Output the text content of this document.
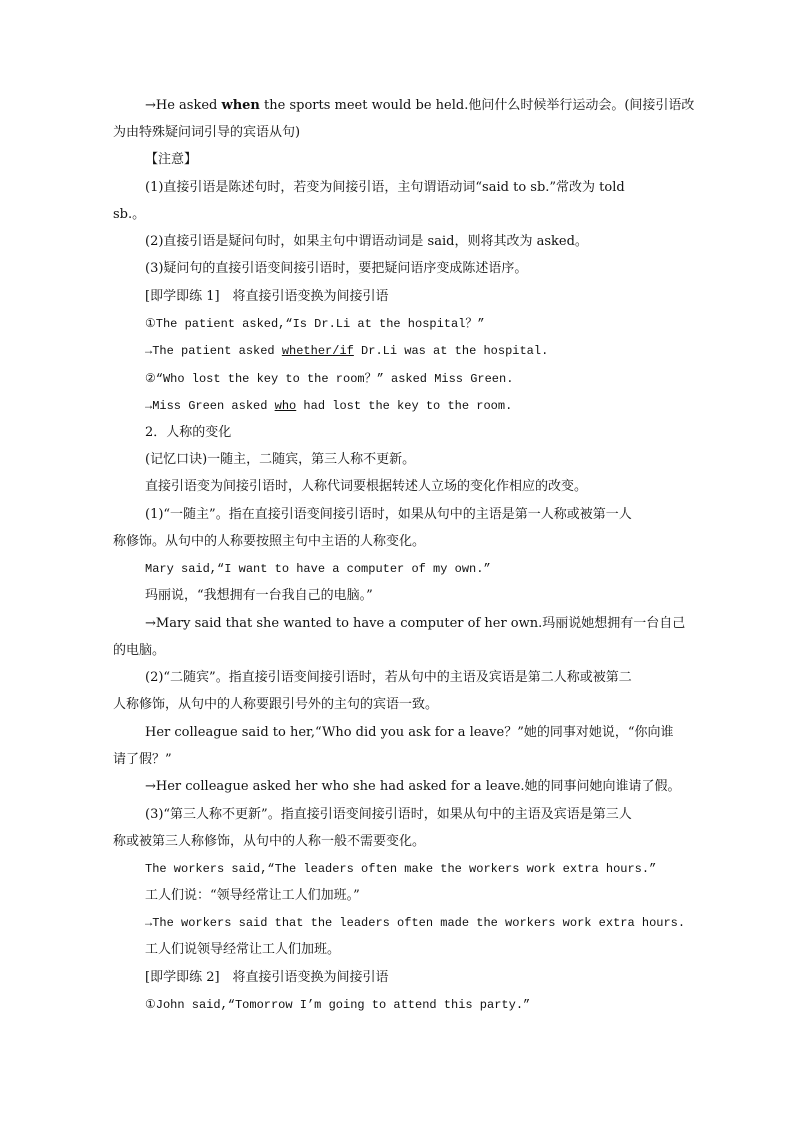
→He asked when the sports meet would be held.他问什么时候举行运动会。(间接引语改
为由特殊疑问词引导的宾语从句)
【注意】
(1)直接引语是陈述句时，若变为间接引语，主句谓语动词“said to sb.”常改为 told
sb.。
(2)直接引语是疑问句时，如果主句中谓语动词是 said，则将其改为 asked。
(3)疑问句的直接引语变间接引语时，要把疑问语序变成陈述语序。
[即学即练 1]　将直接引语变换为间接引语
①The patient asked,“Is Dr.Li at the hospital？”
→The patient asked whether/if Dr.Li was at the hospital.
②“Who lost the key to the room？” asked Miss Green.
→Miss Green asked who had lost the key to the room.
2．人称的变化
(记忆口诀)一随主，二随宾，第三人称不更新。
直接引语变为间接引语时，人称代词要根据转述人立场的变化作相应的改变。
(1)“一随主”。指在直接引语变间接引语时，如果从句中的主语是第一人称或被第一人
称修饰。从句中的人称要按照主句中主语的人称变化。
Mary said,“I want to have a computer of my own.”
玛丽说，“我想拥有一台我自己的电脑。”
→Mary said that she wanted to have a computer of her own.玛丽说她想拥有一台自己
的电脑。
(2)“二随宾”。指直接引语变间接引语时，若从句中的主语及宾语是第二人称或被第二
人称修饰，从句中的人称要跟引号外的主句的宾语一致。
Her colleague said to her,“Who did you ask for a leave？”她的同事对她说，“你向谁
请了假？”
→Her colleague asked her who she had asked for a leave.她的同事问她向谁请了假。
(3)“第三人称不更新”。指直接引语变间接引语时，如果从句中的主语及宾语是第三人
称或被第三人称修饰，从句中的人称一般不需要变化。
The workers said,“The leaders often make the workers work extra hours.”
工人们说：“领导经常让工人们加班。”
→The workers said that the leaders often made the workers work extra hours.
工人们说领导经常让工人们加班。
[即学即练 2]　将直接引语变换为间接引语
①John said,“Tomorrow I’m going to attend this party.”
